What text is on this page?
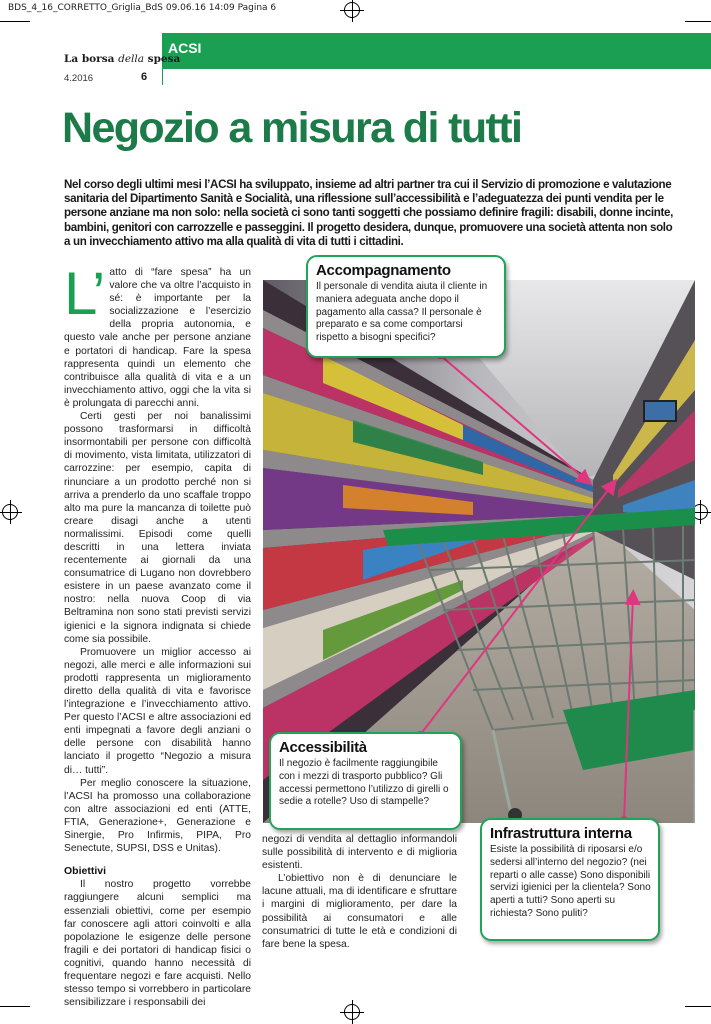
BDS_4_16_CORRETTO_Griglia_BdS 09.06.16 14:09 Pagina 6
ACSI
La borsa della spesa
4.2016	6
Negozio a misura di tutti

Nel corso degli ultimi mesi l’ACSI ha sviluppato, insieme ad altri partner tra cui il Servizio di promozione e valutazione sanitaria del Dipartimento Sanità e Socialità, una riflessione sull’accessibilità e l’adeguatezza dei punti vendita per le persone anziane ma non solo: nella società ci sono tanti soggetti che possiamo definire fragili: disabili, donne incinte, bambini, genitori con carrozzelle e passeggini. Il progetto desidera, dunque, promuovere una società attenta non solo a un invecchiamento attivo ma alla qualità di vita di tutti i cittadini.

L’ atto di “fare spesa” ha un valore che va oltre l’acquisto in sé: è importante per la socializzazione e l’esercizio della propria autonomia, e questo vale anche per persone anziane e portatori di handicap. Fare la spesa rappresenta quindi un elemento che contribuisce alla qualità di vita e a un invecchiamento attivo, oggi che la vita si è prolungata di parecchi anni.

Certi gesti per noi banalissimi possono trasformarsi in difficoltà insormontabili per persone con difficoltà di movimento, vista limitata, utilizzatori di carrozzine: per esempio, capita di rinunciare a un prodotto perché non si arriva a prenderlo da uno scaffale troppo alto ma pure la mancanza di toilette può creare disagi anche a utenti normalissimi. Episodi come quelli descritti in una lettera inviata recentemente ai giornali da una consumatrice di Lugano non dovrebbero esistere in un paese avanzato come il nostro: nella nuova Coop di via Beltramina non sono stati previsti servizi igienici e la signora indignata si chiede come sia possibile.

Promuovere un miglior accesso ai negozi, alle merci e alle informazioni sui prodotti rappresenta un miglioramento diretto della qualità di vita e favorisce l’integrazione e l’invecchiamento attivo. Per questo l’ACSI e altre associazioni ed enti impegnati a favore degli anziani o delle persone con disabilità hanno lanciato il progetto “Negozio a misura di… tutti”.

Per meglio conoscere la situazione, l’ACSI ha promosso una collaborazione con altre associazioni ed enti (ATTE, FTIA, Generazione+, Generazione e Sinergie, Pro Infirmis, PIPA, Pro Senectute, SUPSI, DSS e Unitas).

Obiettivi

Il nostro progetto vorrebbe raggiungere alcuni semplici ma essenziali obiettivi, come per esempio far conoscere agli attori coinvolti e alla popolazione le esigenze delle persone fragili e dei portatori di handicap fisici o cognitivi, quando hanno necessità di frequentare negozi e fare acquisti. Nello stesso tempo si vorrebbero in particolare sensibilizzare i responsabili dei

Accompagnamento

Il personale di vendita aiuta il cliente in maniera adeguata anche dopo il pagamento alla cassa? Il personale è preparato e sa come comportarsi rispetto a bisogni specifici?

Accessibilità

Il negozio è facilmente raggiungibile con i mezzi di trasporto pubblico? Gli accessi permettono l’utilizzo di girelli o sedie a rotelle? Uso di stampelle?

Infrastruttura interna

Esiste la possibilità di riposarsi e/o sedersi all’interno del negozio? (nei reparti o alle casse) Sono disponibili servizi igienici per la clientela? Sono aperti a tutti? Sono aperti su richiesta? Sono puliti?

negozi di vendita al dettaglio informandoli sulle possibilità di intervento e di miglioria esistenti.

L’obiettivo non è di denunciare le lacune attuali, ma di identificare e sfruttare i margini di miglioramento, per dare la possibilità ai consumatori e alle consumatrici di tutte le età e condizioni di fare bene la spesa.
